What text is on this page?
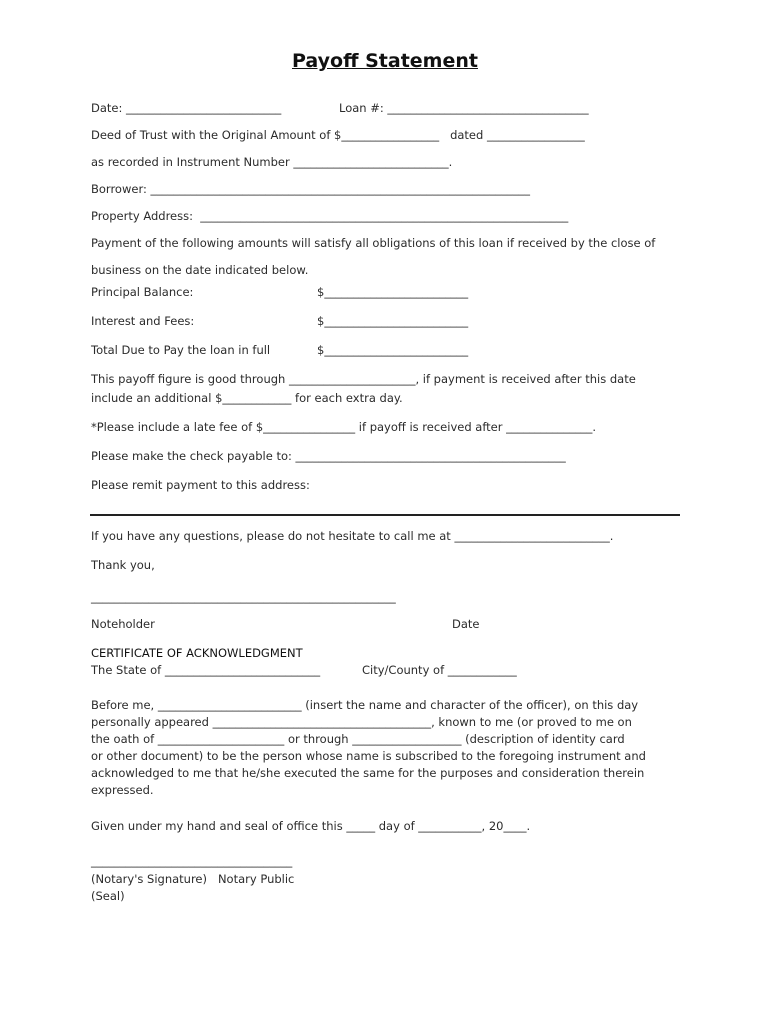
Payoff Statement
Date: ___________________________	Loan #: ___________________________________
Deed of Trust with the Original Amount of $_________________   dated _________________
as recorded in Instrument Number ___________________________.
Borrower: __________________________________________________________________
Property Address:  ________________________________________________________________
Payment of the following amounts will satisfy all obligations of this loan if received by the close of
business on the date indicated below.
Principal Balance:	$_________________________
Interest and Fees:	$_________________________
Total Due to Pay the loan in full	$_________________________
This payoff figure is good through ______________________, if payment is received after this date
include an additional $____________ for each extra day.
*Please include a late fee of $________________ if payoff is received after _______________.
Please make the check payable to: _______________________________________________
Please remit payment to this address:
If you have any questions, please do not hesitate to call me at ___________________________.
Thank you,
_____________________________________________________
Noteholder	Date
CERTIFICATE OF ACKNOWLEDGMENT
The State of ___________________________	City/County of ____________
Before me, _________________________ (insert the name and character of the officer), on this day
personally appeared ______________________________________, known to me (or proved to me on
the oath of ______________________ or through ___________________ (description of identity card
or other document) to be the person whose name is subscribed to the foregoing instrument and
acknowledged to me that he/she executed the same for the purposes and consideration therein
expressed.
Given under my hand and seal of office this _____ day of ___________, 20____.
___________________________________
(Notary's Signature)   Notary Public
(Seal)
